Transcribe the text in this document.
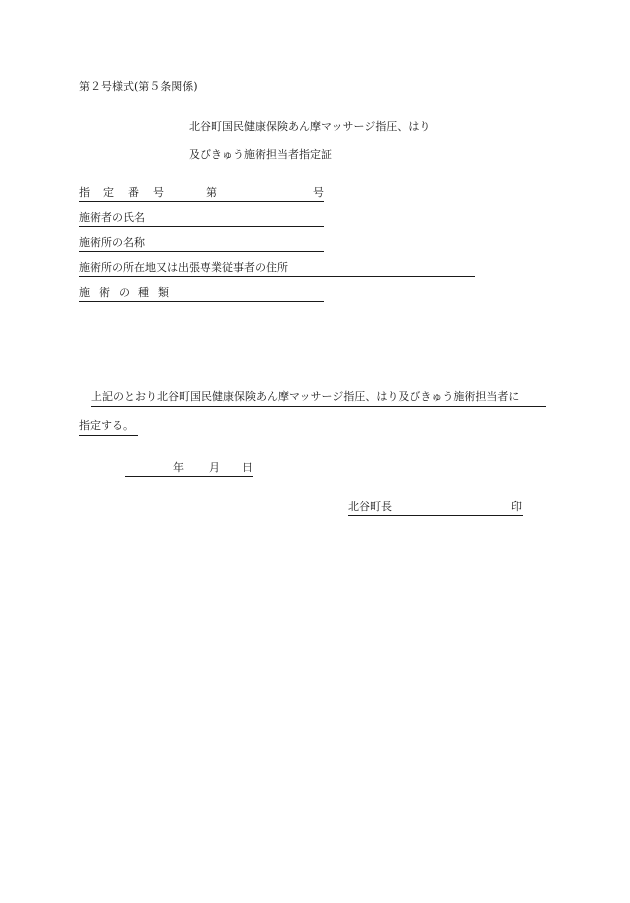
第２号様式(第５条関係)
北谷町国民健康保険あん摩マッサージ指圧、はり
及びきゅう施術担当者指定証
指 定 番 号	第	号
施術者の氏名
施術所の名称
施術所の所在地又は出張専業従事者の住所
施 術 の 種 類
上記のとおり北谷町国民健康保険あん摩マッサージ指圧、はり及びきゅう施術担当者に
指定する。
年 月 日
北谷町長	印
